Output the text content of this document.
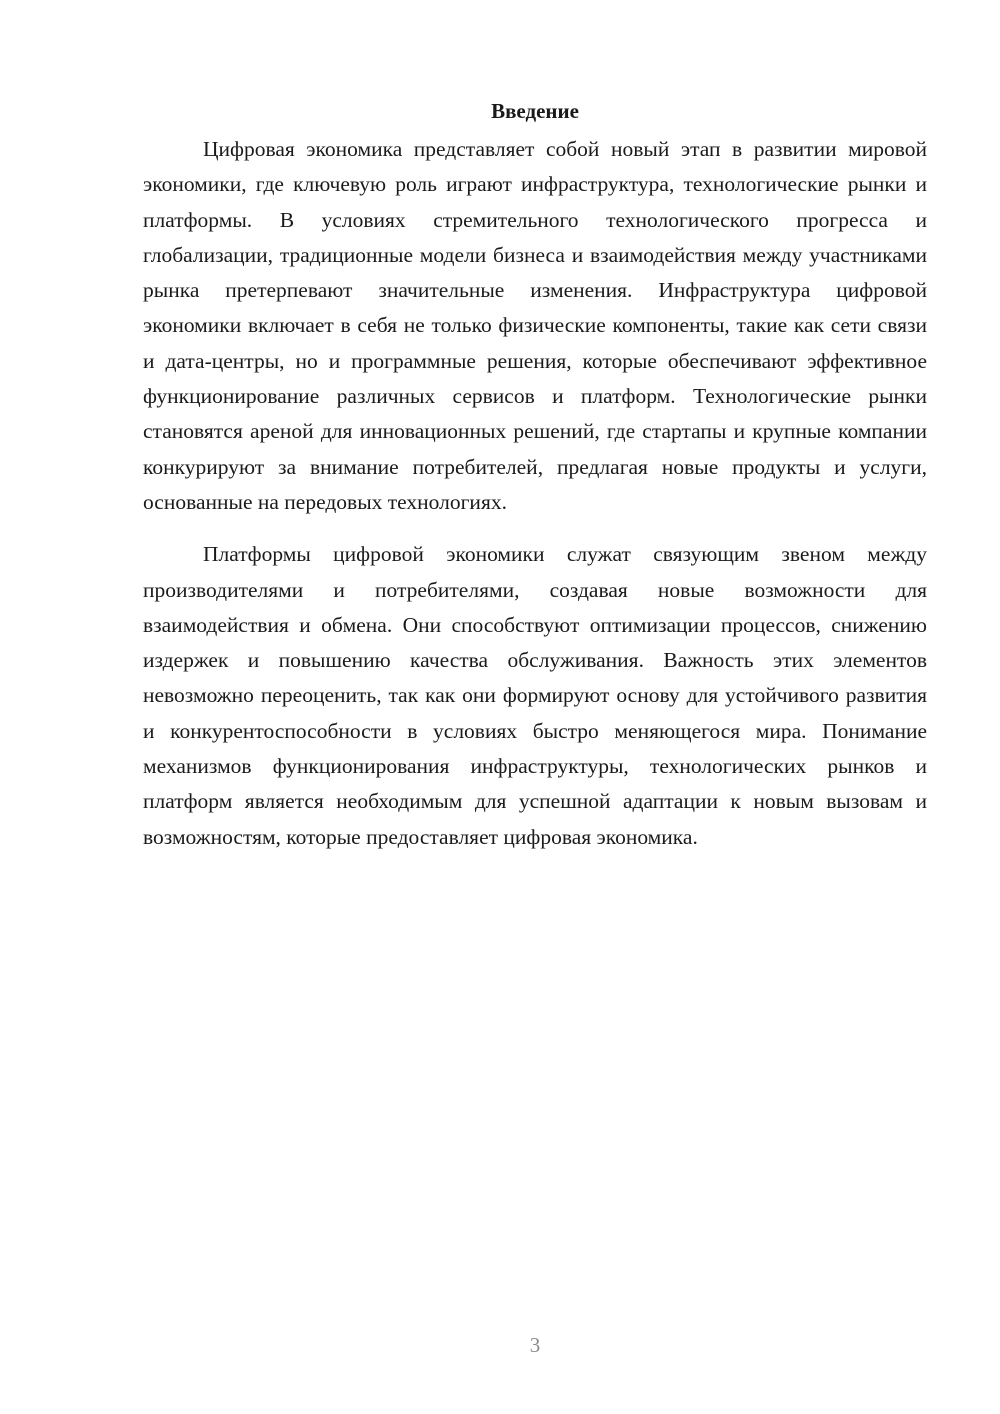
Введение

Цифровая экономика представляет собой новый этап в развитии мировой экономики, где ключевую роль играют инфраструктура, технологические рынки и платформы. В условиях стремительного технологического прогресса и глобализации, традиционные модели бизнеса и взаимодействия между участниками рынка претерпевают значительные изменения. Инфраструктура цифровой экономики включает в себя не только физические компоненты, такие как сети связи и дата-центры, но и программные решения, которые обеспечивают эффективное функционирование различных сервисов и платформ. Технологические рынки становятся ареной для инновационных решений, где стартапы и крупные компании конкурируют за внимание потребителей, предлагая новые продукты и услуги, основанные на передовых технологиях.

Платформы цифровой экономики служат связующим звеном между производителями и потребителями, создавая новые возможности для взаимодействия и обмена. Они способствуют оптимизации процессов, снижению издержек и повышению качества обслуживания. Важность этих элементов невозможно переоценить, так как они формируют основу для устойчивого развития и конкурентоспособности в условиях быстро меняющегося мира. Понимание механизмов функционирования инфраструктуры, технологических рынков и платформ является необходимым для успешной адаптации к новым вызовам и возможностям, которые предоставляет цифровая экономика.

3
